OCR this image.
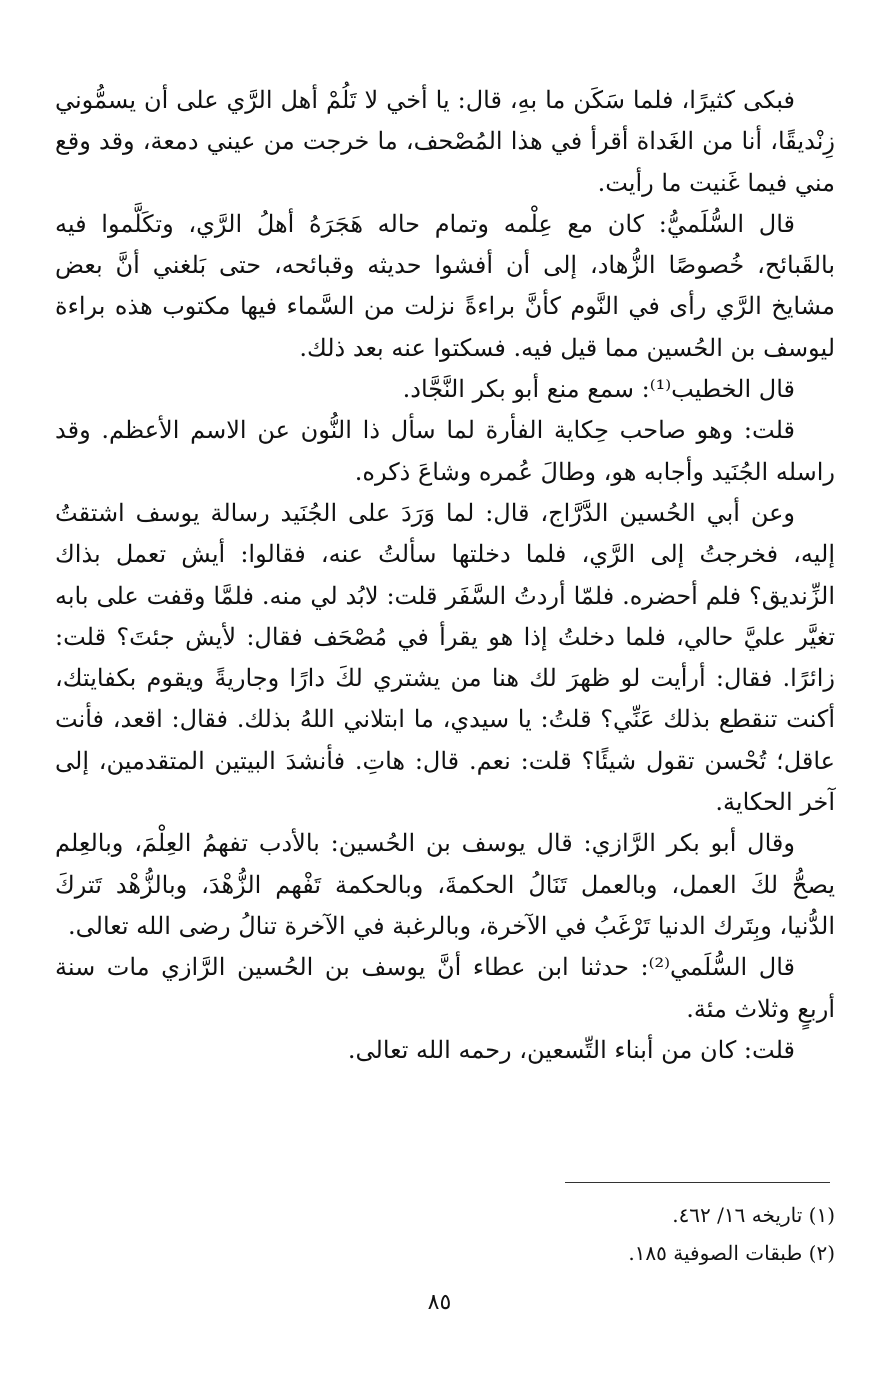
فبكى كثيرًا، فلما سَكَن ما بهِ، قال: يا أخي لا تَلُمْ أهل الرَّي على أن يسمُّوني زِنْديقًا، أنا من الغَداة أقرأ في هذا المُصْحف، ما خرجت من عيني دمعة، وقد وقع مني فيما غَنيت ما رأيت.

قال السُّلَميُّ: كان مع عِلْمه وتمام حاله هَجَرَهُ أهلُ الرَّي، وتكَلَّموا فيه بالقَبائح، خُصوصًا الزُّهاد، إلى أن أفشوا حديثه وقبائحه، حتى بَلغني أنَّ بعض مشايخ الرَّي رأى في النَّوم كأنَّ براءةً نزلت من السَّماء فيها مكتوب هذه براءة ليوسف بن الحُسين مما قيل فيه. فسكتوا عنه بعد ذلك.

قال الخطيب⁽¹⁾: سمع منع أبو بكر النَّجَّاد.

قلت: وهو صاحب حِكاية الفأرة لما سأل ذا النُّون عن الاسم الأعظم. وقد راسله الجُنَيد وأجابه هو، وطالَ عُمره وشاعَ ذكره.

وعن أبي الحُسين الدَّرَّاج، قال: لما وَرَدَ على الجُنَيد رسالة يوسف اشتقتُ إليه، فخرجتُ إلى الرَّي، فلما دخلتها سألتُ عنه، فقالوا: أيش تعمل بذاك الزِّنديق؟ فلم أحضره. فلمّا أردتُ السَّفَر قلت: لابُد لي منه. فلمَّا وقفت على بابه تغيَّر عليَّ حالي، فلما دخلتُ إذا هو يقرأ في مُصْحَف فقال: لأيش جئتَ؟ قلت: زائرًا. فقال: أرأيت لو ظهرَ لك هنا من يشتري لكَ دارًا وجاريةً ويقوم بكفايتك، أكنت تنقطع بذلك عَنِّي؟ قلتُ: يا سيدي، ما ابتلاني اللهُ بذلك. فقال: اقعد، فأنت عاقل؛ تُحْسن تقول شيئًا؟ قلت: نعم. قال: هاتِ. فأنشدَ البيتين المتقدمين، إلى آخر الحكاية.

وقال أبو بكر الرَّازي: قال يوسف بن الحُسين: بالأدب تفهمُ العِلْمَ، وبالعِلم يصحُّ لكَ العمل، وبالعمل تَنَالُ الحكمةَ، وبالحكمة تَفْهم الزُّهْدَ، وبالزُّهْد تَتركَ الدُّنيا، وبِتَرك الدنيا تَرْغَبُ في الآخرة، وبالرغبة في الآخرة تنالُ رضى الله تعالى.

قال السُّلَمي⁽²⁾: حدثنا ابن عطاء أنَّ يوسف بن الحُسين الرَّازي مات سنة أربعٍ وثلاث مئة.

قلت: كان من أبناء التِّسعين، رحمه الله تعالى.

(١) تاريخه ١٦/ ٤٦٢.

(٢) طبقات الصوفية ١٨٥.

٨٥
